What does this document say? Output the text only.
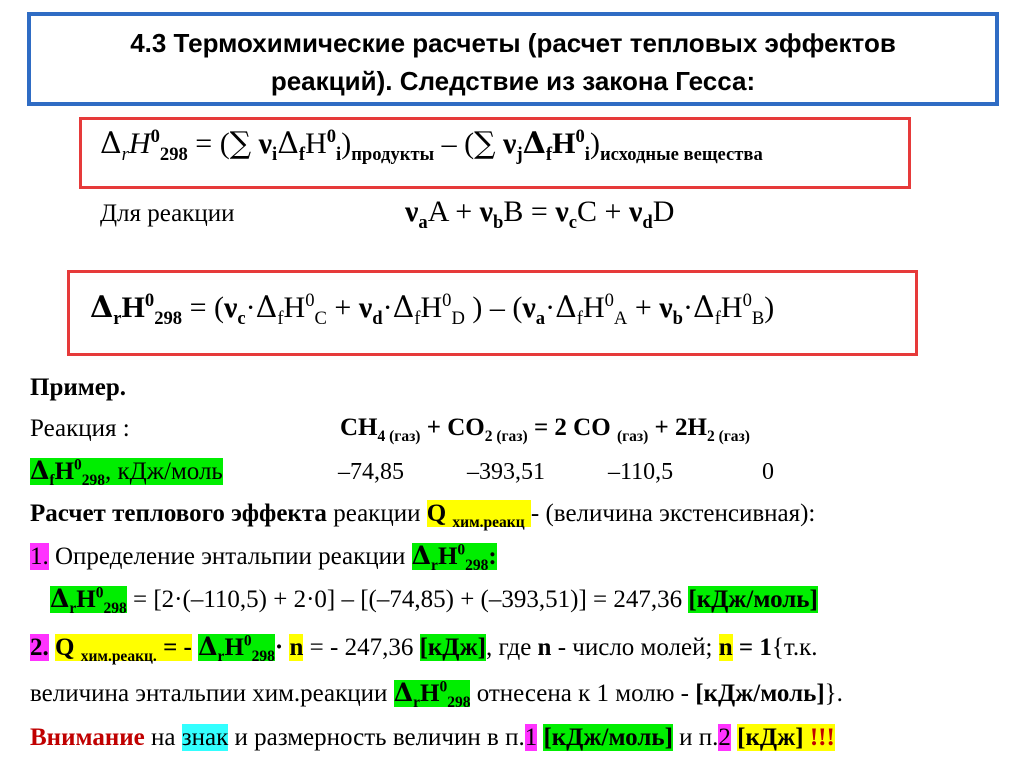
4.3 Термохимические расчеты (расчет тепловых эффектов
реакций). Следствие из закона Гесса:
$\Delta_rH^0_{298}$ = (∑ $\nu_i\Delta_fH^0_i)_{продукты}$ – (∑ $\nu_j\Delta_fH^0_i)_{исходные вещества}$
Для реакции	$\nu_aA + \nu_bB = \nu_cC + \nu_dD$
$\Delta_rH^0_{298} = (\nu_c\cdot\Delta_fH^0_C + \nu_d\cdot\Delta_fH^0_D$ ) – $(\nu_a\cdot\Delta_fH^0_A + \nu_b\cdot\Delta_fH^0_B)$
Пример.
Реакция :	$CH_{4 (газ)} + CO_{2 (газ)} = 2$ CO $_{(газ)} + 2H_{2 (газ)}$
$\Delta_fH^0_{298}$, кДж/моль	–74,85	–393,51	–110,5	0
Расчет теплового эффекта реакции Q $_{хим.реакц}$ - (величина экстенсивная):
1. Определение энтальпии реакции $\Delta_rH^0_{298}$:
$\Delta_rH^0_{298} = [2\cdot(-110,5) + 2\cdot 0] - [(-74,85) + (-393,51)] = 247,36$ [кДж/моль]
2. Q $_{хим.реакц.}$ = - $\Delta_rH^0_{298}\cdot n$ = - 247,36 [кДж], где n - число молей; n = 1{т.к.
величина энтальпии хим.реакции $\Delta_rH^0_{298}$ отнесена к 1 молю - [кДж/моль]}.
Внимание на знак и размерность величин в п.1 [кДж/моль] и п.2 [кДж] !!!
